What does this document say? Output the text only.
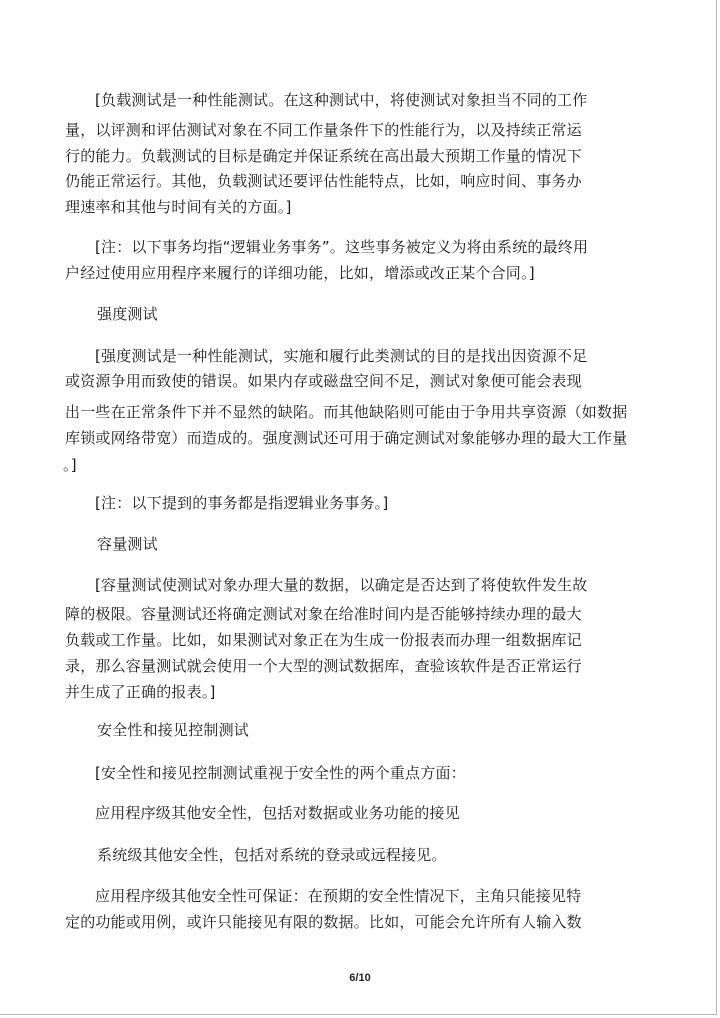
[负载测试是一种性能测试。在这种测试中，将使测试对象担当不同的工作
量，以评测和评估测试对象在不同工作量条件下的性能行为，以及持续正常运
行的能力。负载测试的目标是确定并保证系统在高出最大预期工作量的情况下
仍能正常运行。其他，负载测试还要评估性能特点，比如，响应时间、事务办
理速率和其他与时间有关的方面。]
[注：以下事务均指“逻辑业务事务”。这些事务被定义为将由系统的最终用
户经过使用应用程序来履行的详细功能，比如，增添或改正某个合同。]
强度测试
[强度测试是一种性能测试，实施和履行此类测试的目的是找出因资源不足
或资源争用而致使的错误。如果内存或磁盘空间不足，测试对象便可能会表现
出一些在正常条件下并不显然的缺陷。而其他缺陷则可能由于争用共享资源（如数据
库锁或网络带宽）而造成的。强度测试还可用于确定测试对象能够办理的最大工作量
。]
[注：以下提到的事务都是指逻辑业务事务。]
容量测试
[容量测试使测试对象办理大量的数据，以确定是否达到了将使软件发生故
障的极限。容量测试还将确定测试对象在给准时间内是否能够持续办理的最大
负载或工作量。比如，如果测试对象正在为生成一份报表而办理一组数据库记
录，那么容量测试就会使用一个大型的测试数据库，查验该软件是否正常运行
并生成了正确的报表。]
安全性和接见控制测试
[安全性和接见控制测试重视于安全性的两个重点方面：
应用程序级其他安全性，包括对数据或业务功能的接见
系统级其他安全性，包括对系统的登录或远程接见。
应用程序级其他安全性可保证：在预期的安全性情况下，主角只能接见特
定的功能或用例，或许只能接见有限的数据。比如，可能会允许所有人输入数
6/10
